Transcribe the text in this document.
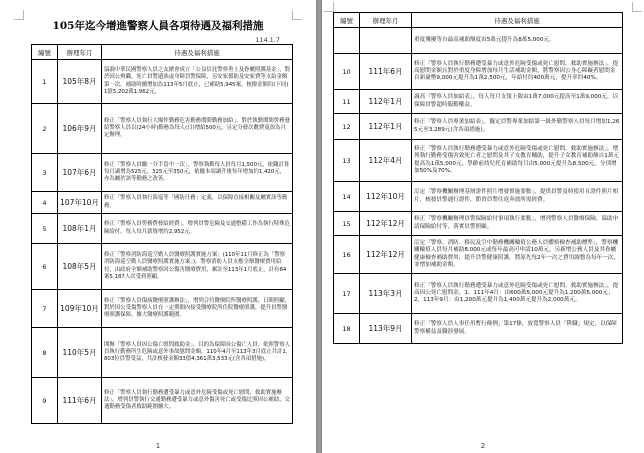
105年迄今增進警察人員各項待遇及福利措施
114.1.7
編號	辦理年月	待遇及福利措施
1	105年8月	協調中華民國警察人員之友總會成立「公益信託警察勇士及眷屬照護基金」，對於因公殉職、死亡員警遺族或身障員警保障，另安家援助及安家費等支給金額第一次，補助時續增加為113年5月底止，已補助5,945案，核撥金額約(下同)1億5,202萬1,962元。
2	106年9月	修正「警察人員執行大爆炸勤務危害勤務期間勤務加給」，對於執勤期間勞務發給警察人員以(24小時)勤務為每人(日)增給500元，另定分發次數費更改為月定辦理。
3	107年6月	修正「警察人員繳一分手當中一次」，警察執勤每人員每月1,500元，依職計算每月調增為525元、325元至350元，依據本項調升後每年增加約1,420元，亦為屬於該等勤務之改善。
4	107年10月	修正「警察人員執行海巡等「國防任務」定義，以保障直接相關及屬實該等勤務。
5	108年1月	修正「警察人員勞務費發給經費」，增列員警危險及交通整備工作為執行特殊危險給付，每人每月薪資增約2,952元。
6	108年5月	修正「警察消防海巡空勤人員醫療照護實施方案」(110年11月修正為「警察消防海巡空勤人員醫療照護實施方案」)，警察消防人員支應全額醫療費用給付，由政府全額補助警察因公傷害醫療費用，累計至113年1月底止，計有64案5,187人次受到照顧。
7	109年10月	修正「警察人員傷病醫療照護辦法」，增列合約醫療院所醫療照護、日間照顧，對於因公受傷警察人員在一定期間內接受醫療院所住院醫療照護，提升員警醫療照護保障，擴大醫療照護範圍。
8	110年5月	開辦「警察人員因公傷亡慰問救助金」，目的為保障因公傷亡人員，依照警察人員執行勤務所生危險或意外事故慰問金額，110年4月至113年3月底止共計1,803位員警受益，共計核發金額33億4,361萬3,533元(含各項措施)。
9	111年6月	修正「警察人員執行勤務遭受暴力或意外危險受傷或死亡慰問、救助實施辦法」，增列員警執行交通勤務遭受暴力或意外傷害死亡或受傷比照因公補助，交通勤務受傷者救助範圍擴大。
1
編號	辦理年月	待遇及福利措施
		重度殘廢等自最高補助額度由5萬元提升為8萬5,000元。
10	111年6月	修正「警察人員執行勤務遭受暴力或意外危險受傷或死亡慰問、救助實施辦法」，提高慰問金額且對於重度身障增加每月生活補助金額，將警察因公身心障礙者慰問金自新臺幣9,000元提升為1萬2,500元，年給付約400萬元，提升率約40%。
11	112年1月	調高「警察人員加給表」，每人每月支領上限由1萬7,000元提高至1萬9,000元，以保障員警超時服勤權益。
12	112年1月	修正「警察人員專業加給表」，擬定員警專業加給第一級外勤警察人員每月增加1,265元至3,289元(含各項措施)。
13	112年4月	修正「警察人員執行勤務遭受暴力或意外危險受傷或死亡慰問、救助實施辦法」，增列執行勤務受傷害致死亡者之慰問及其子女教育輔助，提升子女教育補助額自1萬元提高為1萬5,000元，學齡前幼兒托育補助每月由5,000元提升為8,500元，分別增加50%及70%。
14	112年10月	訂定「警察機關辦理基層證件照片增發實施要點」，提供員警及時使用且證件照片相片，核發員警通行證件，節省員警往返奔波所需經費。
15	112年12月	修正「警察機關辦理員警保險給付事項執行要點」，增列警察人員醫療保險、協助申請保險給付等，落實員警照顧。
16	112年12月	訂定「警察、消防、移民及空中勤務機關輪值公務人員體格檢查補助標準」，警察機關輪值人員每月補助8,000元或每年最高可申請10萬元，另新增公務人員及其眷屬健康檢查補助費用，提升員警健康照護，將原先每2年一次之費用調整為每年一次，並增加補助金額。
17	113年3月	修正「警察人員執行勤務遭受暴力或意外危險受傷或死亡慰問、救助實施辦法」，提高因公死亡慰問金，1、111年4月：由600萬5,000元提升為1,200萬5,000元；2、113年9月：由1,200萬元提升為1,400萬元提升為2,000萬元。
18	113年9月	修正「警察人員人事任用暫行條例」第17條，放寬警察人員「陞職」規定，以保障警察權益及職涯發展。
2
